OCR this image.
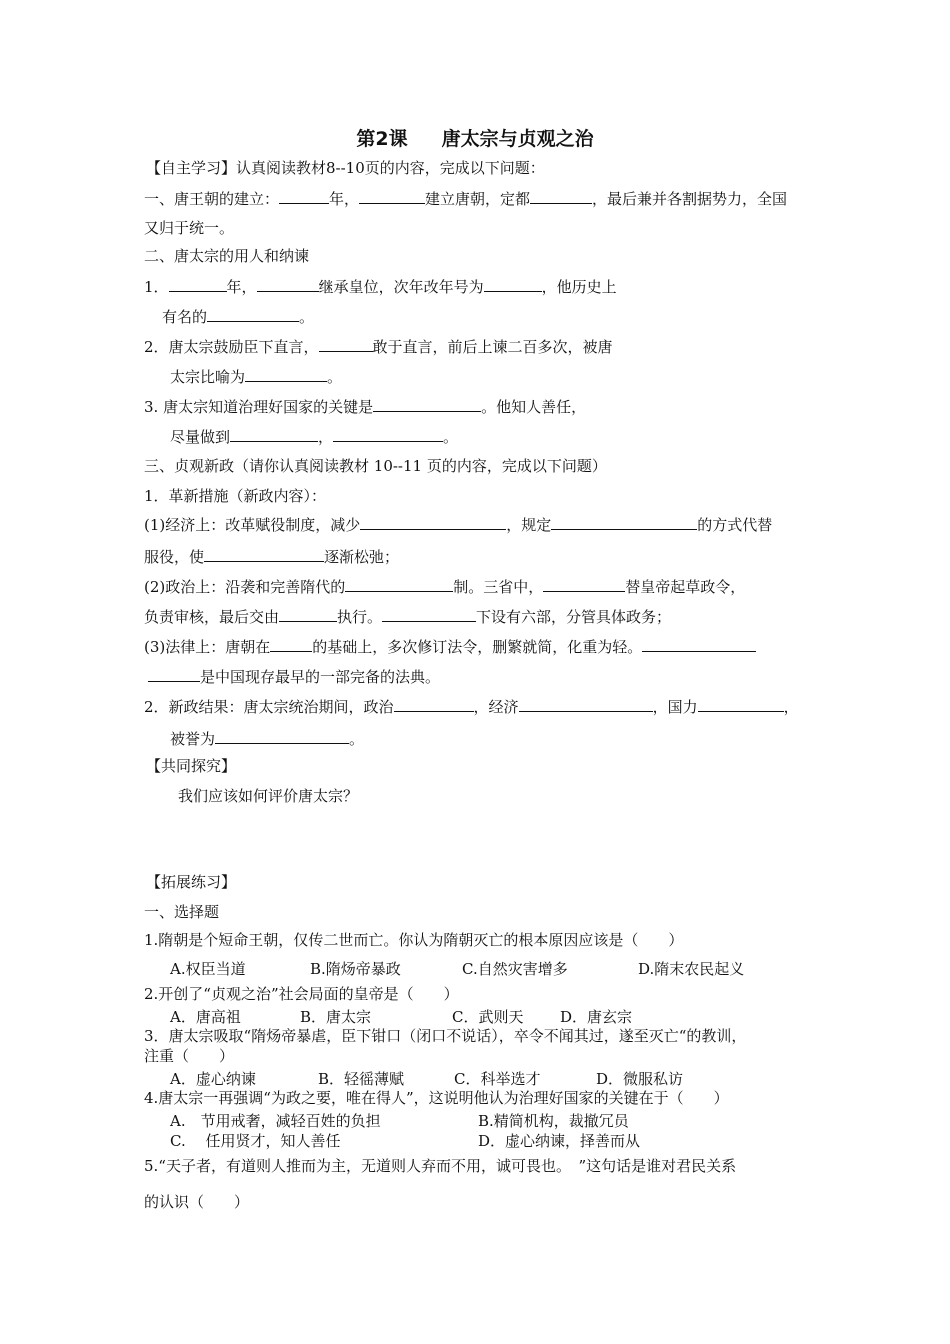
第2课 唐太宗与贞观之治
【自主学习】认真阅读教材8--10页的内容，完成以下问题：
一、唐王朝的建立：	年，	建立唐朝，定都	，最后兼并各割据势力，全国
又归于统一。
二、唐太宗的用人和纳谏
1．	年，	继承皇位，次年改年号为	，他历史上
有名的	。
2．唐太宗鼓励臣下直言，	敢于直言，前后上谏二百多次，被唐
太宗比喻为	。
3. 唐太宗知道治理好国家的关键是	。他知人善任，
尽量做到	，	。
三、贞观新政（请你认真阅读教材 10--11 页的内容，完成以下问题）
1．革新措施（新政内容）：
(1)经济上：改革赋役制度，减少	，规定	的方式代替
服役，使	逐渐松弛；
(2)政治上：沿袭和完善隋代的	制。三省中，	替皇帝起草政令，
负责审核，最后交由	执行。	下设有六部，分管具体政务；
(3)法律上：唐朝在	的基础上，多次修订法令，删繁就简，化重为轻。
是中国现存最早的一部完备的法典。
2．新政结果：唐太宗统治期间，政治	，经济	，国力	，
被誉为	。
【共同探究】
我们应该如何评价唐太宗？
【拓展练习】
一、选择题
1.隋朝是个短命王朝，仅传二世而亡。你认为隋朝灭亡的根本原因应该是（　　）
A.权臣当道	B.隋炀帝暴政	C.自然灾害增多	D.隋末农民起义
2.开创了“贞观之治”社会局面的皇帝是（　　）
A．唐高祖	B．唐太宗	C．武则天 D．唐玄宗
3．唐太宗吸取“隋炀帝暴虐，臣下钳口（闭口不说话），卒令不闻其过，遂至灭亡“的教训，
注重（　　）
A．虚心纳谏	B．轻徭薄赋	C．科举选才	D．微服私访
4.唐太宗一再强调“为政之要，唯在得人”，这说明他认为治理好国家的关键在于（　　）
A.　节用戒奢，减轻百姓的负担	B.精简机构，裁撤冗员
C.　 任用贤才，知人善任	D．虚心纳谏，择善而从
5.“天子者，有道则人推而为主，无道则人弃而不用，诚可畏也。　”这句话是谁对君民关系
的认识（　　）
